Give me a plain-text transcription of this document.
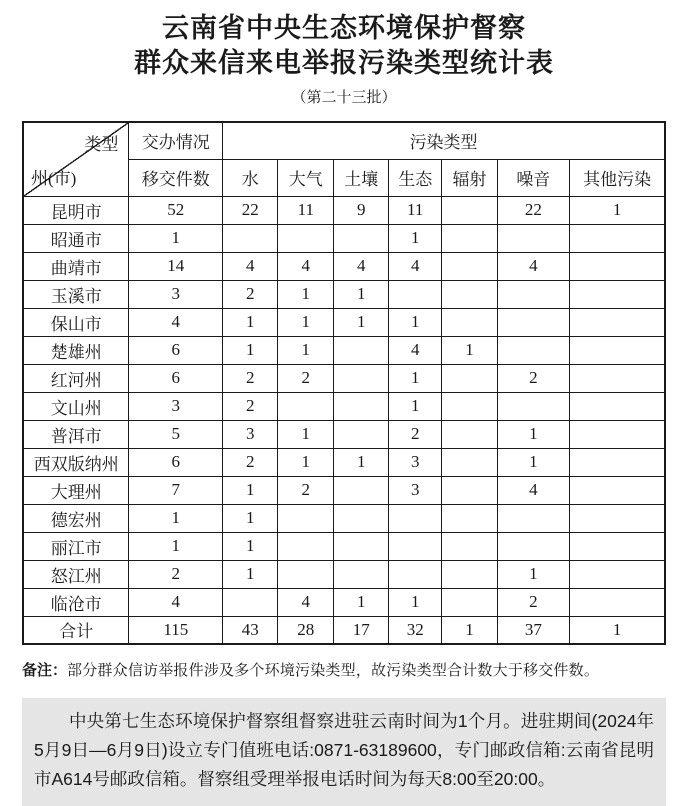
云南省中央生态环境保护督察
群众来信来电举报污染类型统计表
（第二十三批）
类型
州(市)	交办情况	污染类型						
	移交件数	水	大气	土壤	生态	辐射	噪音	其他污染
昆明市	52	22	11	9	11		22	1
昭通市	1				1			
曲靖市	14	4	4	4	4		4	
玉溪市	3	2	1	1				
保山市	4	1	1	1	1			
楚雄州	6	1	1		4	1		
红河州	6	2	2		1		2	
文山州	3	2			1			
普洱市	5	3	1		2		1	
西双版纳州	6	2	1	1	3		1	
大理州	7	1	2		3		4	
德宏州	1	1						
丽江市	1	1						
怒江州	2	1					1	
临沧市	4		4	1	1		2	
合计	115	43	28	17	32	1	37	1
备注：部分群众信访举报件涉及多个环境污染类型，故污染类型合计数大于移交件数。

中央第七生态环境保护督察组督察进驻云南时间为1个月。进驻期间(2024年5月9日—6月9日)设立专门值班电话:0871-63189600，专门邮政信箱:云南省昆明市A614号邮政信箱。督察组受理举报电话时间为每天8:00至20:00。
